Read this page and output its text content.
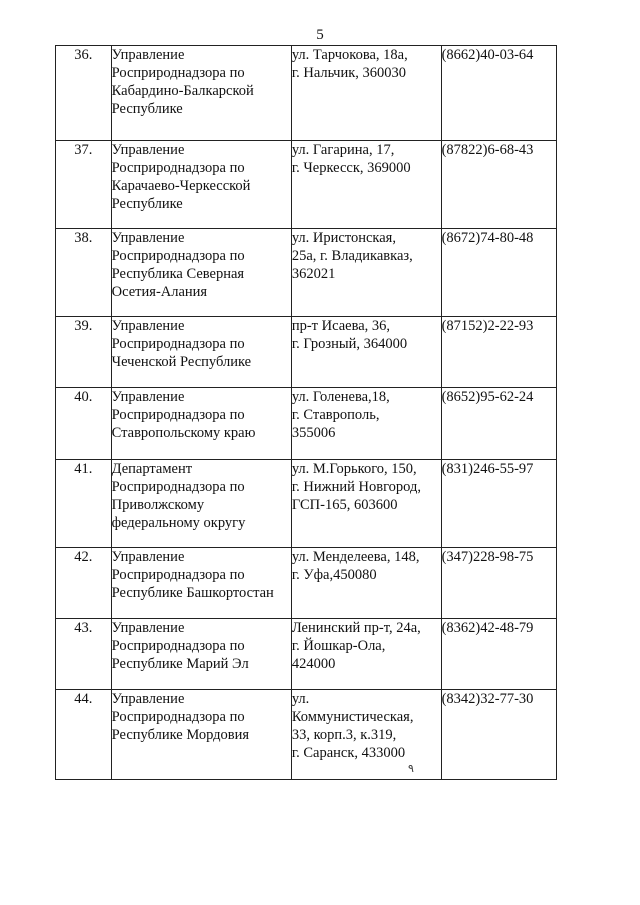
5
36.	Управление
Росприроднадзора по
Кабардино-Балкарской
Республике	ул. Тарчокова, 18а,
г. Нальчик, 360030	(8662)40-03-64
37.	Управление
Росприроднадзора по
Карачаево-Черкесской
Республике	ул. Гагарина, 17,
г. Черкесск, 369000	(87822)6-68-43
38.	Управление
Росприроднадзора по
Республика Северная
Осетия-Алания	ул. Иристонская,
25а, г. Владикавказ,
362021	(8672)74-80-48
39.	Управление
Росприроднадзора по
Чеченской Республике	пр-т Исаева, 36,
г. Грозный, 364000	(87152)2-22-93
40.	Управление
Росприроднадзора по
Ставропольскому краю	ул. Голенева,18,
г. Ставрополь,
355006	(8652)95-62-24
41.	Департамент
Росприроднадзора по
Приволжскому
федеральному округу	ул. М.Горького, 150,
г. Нижний Новгород,
ГСП-165, 603600	(831)246-55-97
42.	Управление
Росприроднадзора по
Республике Башкортостан	ул. Менделеева, 148,
г. Уфа,450080	(347)228-98-75
43.	Управление
Росприроднадзора по
Республике Марий Эл	Ленинский пр-т, 24а,
г. Йошкар-Ола,
424000	(8362)42-48-79
44.	Управление
Росприроднадзора по
Республике Мордовия	ул.
Коммунистическая,
33, корп.3, к.319,
г. Саранск, 433000	(8342)32-77-30
٩
